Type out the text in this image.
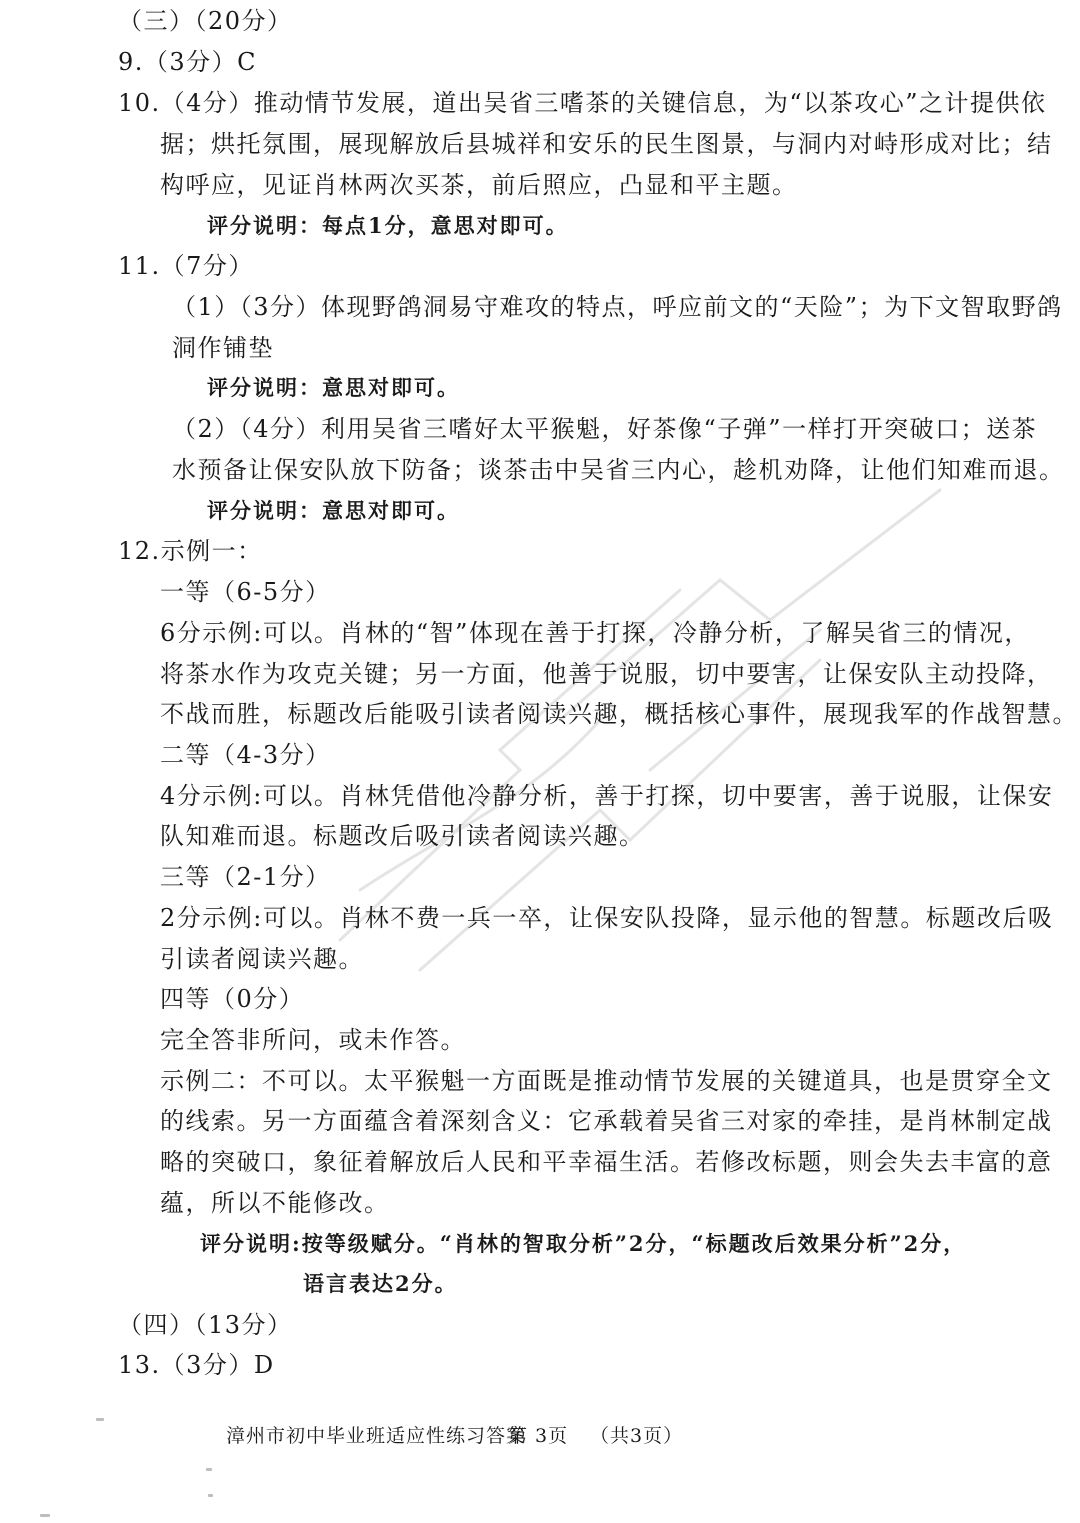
（三）（20分）
9.（3分）C
10.（4分）推动情节发展，道出吴省三嗜茶的关键信息，为“以茶攻心”之计提供依
据；烘托氛围，展现解放后县城祥和安乐的民生图景，与洞内对峙形成对比；结
构呼应，见证肖林两次买茶，前后照应，凸显和平主题。
评分说明：每点1分，意思对即可。
11.（7分）
（1）（3分）体现野鸽洞易守难攻的特点，呼应前文的“天险”；为下文智取野鸽
洞作铺垫
评分说明：意思对即可。
（2）（4分）利用吴省三嗜好太平猴魁，好茶像“子弹”一样打开突破口；送茶
水预备让保安队放下防备；谈茶击中吴省三内心，趁机劝降，让他们知难而退。
评分说明：意思对即可。
12.示例一：
一等（6-5分）
6分示例:可以。肖林的“智”体现在善于打探，冷静分析，了解吴省三的情况，
将茶水作为攻克关键；另一方面，他善于说服，切中要害，让保安队主动投降，
不战而胜，标题改后能吸引读者阅读兴趣，概括核心事件，展现我军的作战智慧。
二等（4-3分）
4分示例:可以。肖林凭借他冷静分析，善于打探，切中要害，善于说服，让保安
队知难而退。标题改后吸引读者阅读兴趣。
三等（2-1分）
2分示例:可以。肖林不费一兵一卒，让保安队投降，显示他的智慧。标题改后吸
引读者阅读兴趣。
四等（0分）
完全答非所问，或未作答。
示例二：不可以。太平猴魁一方面既是推动情节发展的关键道具，也是贯穿全文
的线索。另一方面蕴含着深刻含义：它承载着吴省三对家的牵挂，是肖林制定战
略的突破口，象征着解放后人民和平幸福生活。若修改标题，则会失去丰富的意
蕴，所以不能修改。
评分说明:按等级赋分。“肖林的智取分析”2分，“标题改后效果分析”2分，
语言表达2分。
（四）（13分）
13.（3分）D
漳州市初中毕业班适应性练习答案
第 3页 （共3页）
